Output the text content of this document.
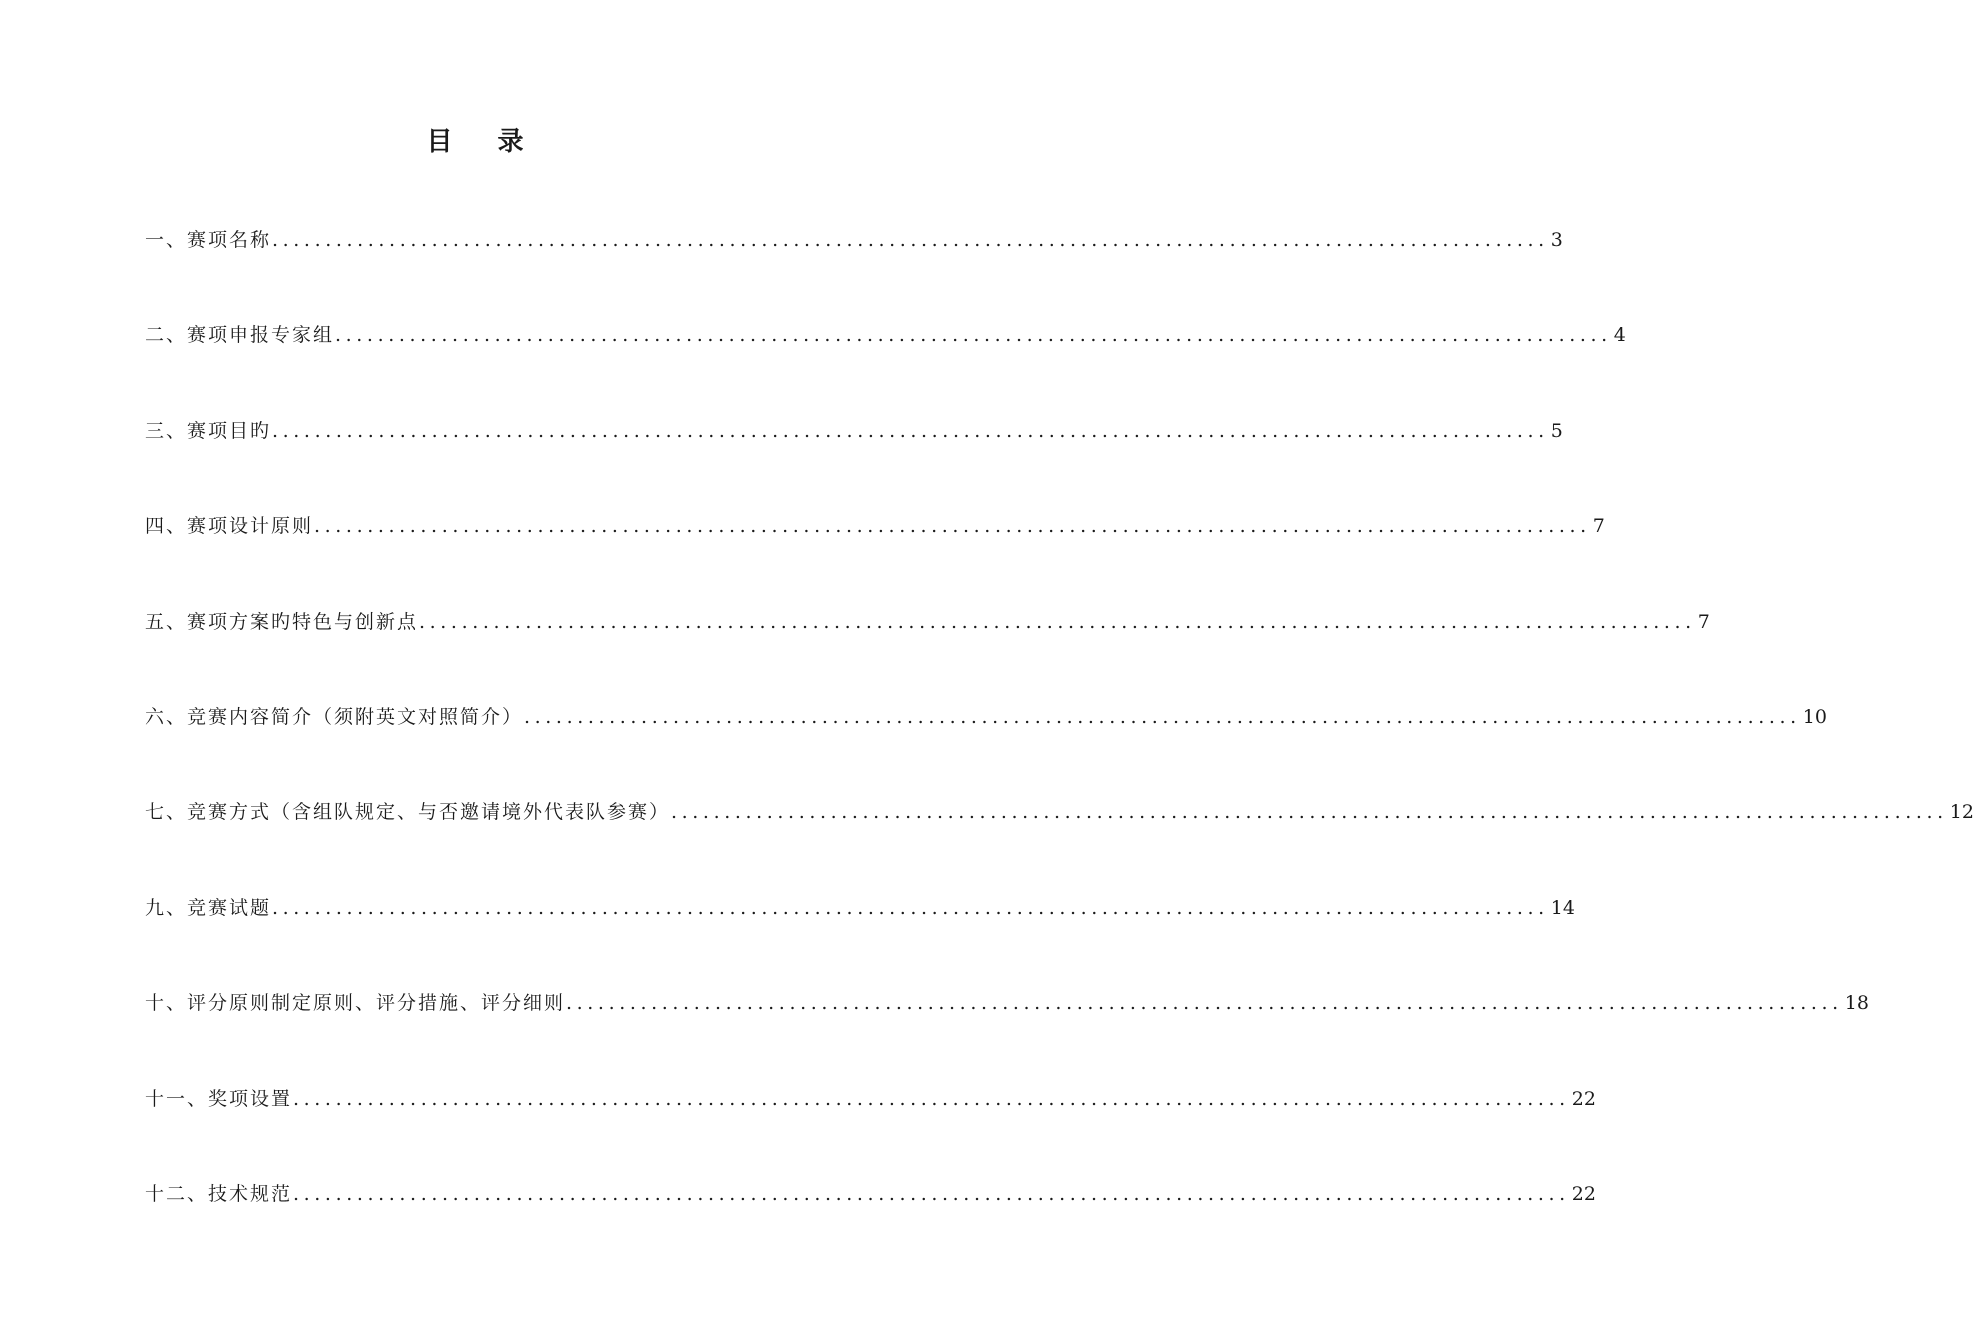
目 录
一、赛项名称 ........................................................................................................................ 3
二、赛项申报专家组 ........................................................................................................................ 4
三、赛项目旳 ........................................................................................................................ 5
四、赛项设计原则 ........................................................................................................................ 7
五、赛项方案旳特色与创新点 ........................................................................................................................ 7
六、竞赛内容简介（须附英文对照简介） ........................................................................................................................ 10
七、竞赛方式（含组队规定、与否邀请境外代表队参赛） ........................................................................................................................ 12
九、竞赛试题 ........................................................................................................................ 14
十、评分原则制定原则、评分措施、评分细则 ........................................................................................................................ 18
十一、奖项设置 ........................................................................................................................ 22
十二、技术规范 ........................................................................................................................ 22
